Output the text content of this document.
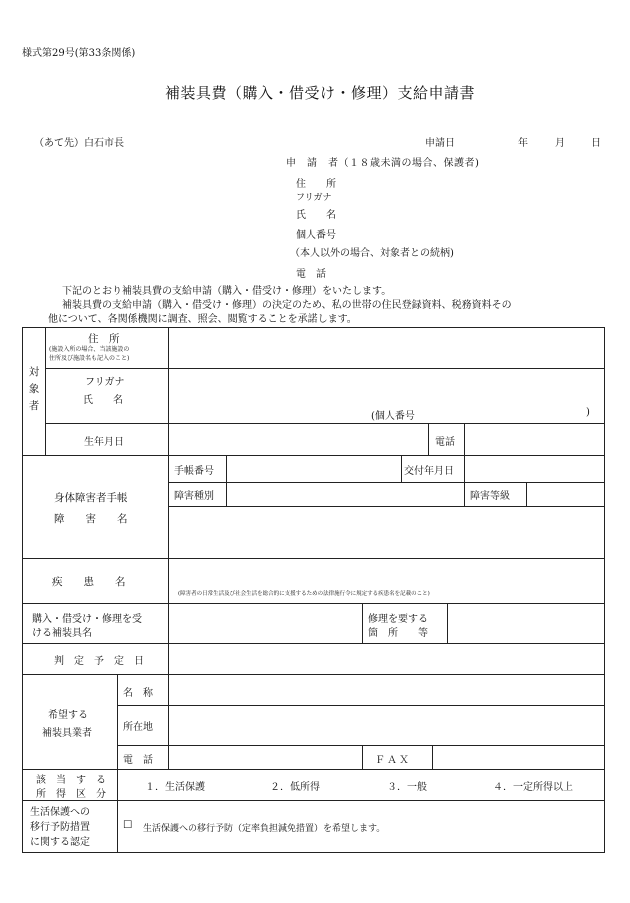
様式第29号(第33条関係)
補装具費（購入・借受け・修理）支給申請書
（あて先）白石市長	申請日	年	月	日
申　請　者（１８歳未満の場合、保護者)
住　　所
フリガナ
氏　　名
個人番号
（本人以外の場合、対象者との続柄)
電　話
下記のとおり補装具費の支給申請（購入・借受け・修理）をいたします。
補装具費の支給申請（購入・借受け・修理）の決定のため、私の世帯の住民登録資料、税務資料その
他について、各関係機関に調査、照会、閲覧することを承諾します。
対
象
者
住　所
(施設入所の場合、当該施設の
住所及び施設名も記入のこと)
フリガナ
氏　　名
(個人番号	)
生年月日	電話
身体障害者手帳
障　　害　　名
手帳番号	交付年月日
障害種別	障害等級
疾　　患　　名
(障害者の日常生活及び社会生活を総合的に支援するための法律施行令に規定する疾患名を記載のこと)
購入・借受け・修理を受
ける補装具名
修理を要する
箇　所　　等
判　定　予　定　日
希望する
補装具業者
名　称
所在地
電　話	ＦＡＸ
該　当　す　る
所　得　区　分
１．生活保護	２．低所得	３．一般	４．一定所得以上
生活保護への
移行予防措置
に関する認定
☐ 生活保護への移行予防（定率負担減免措置）を希望します。
